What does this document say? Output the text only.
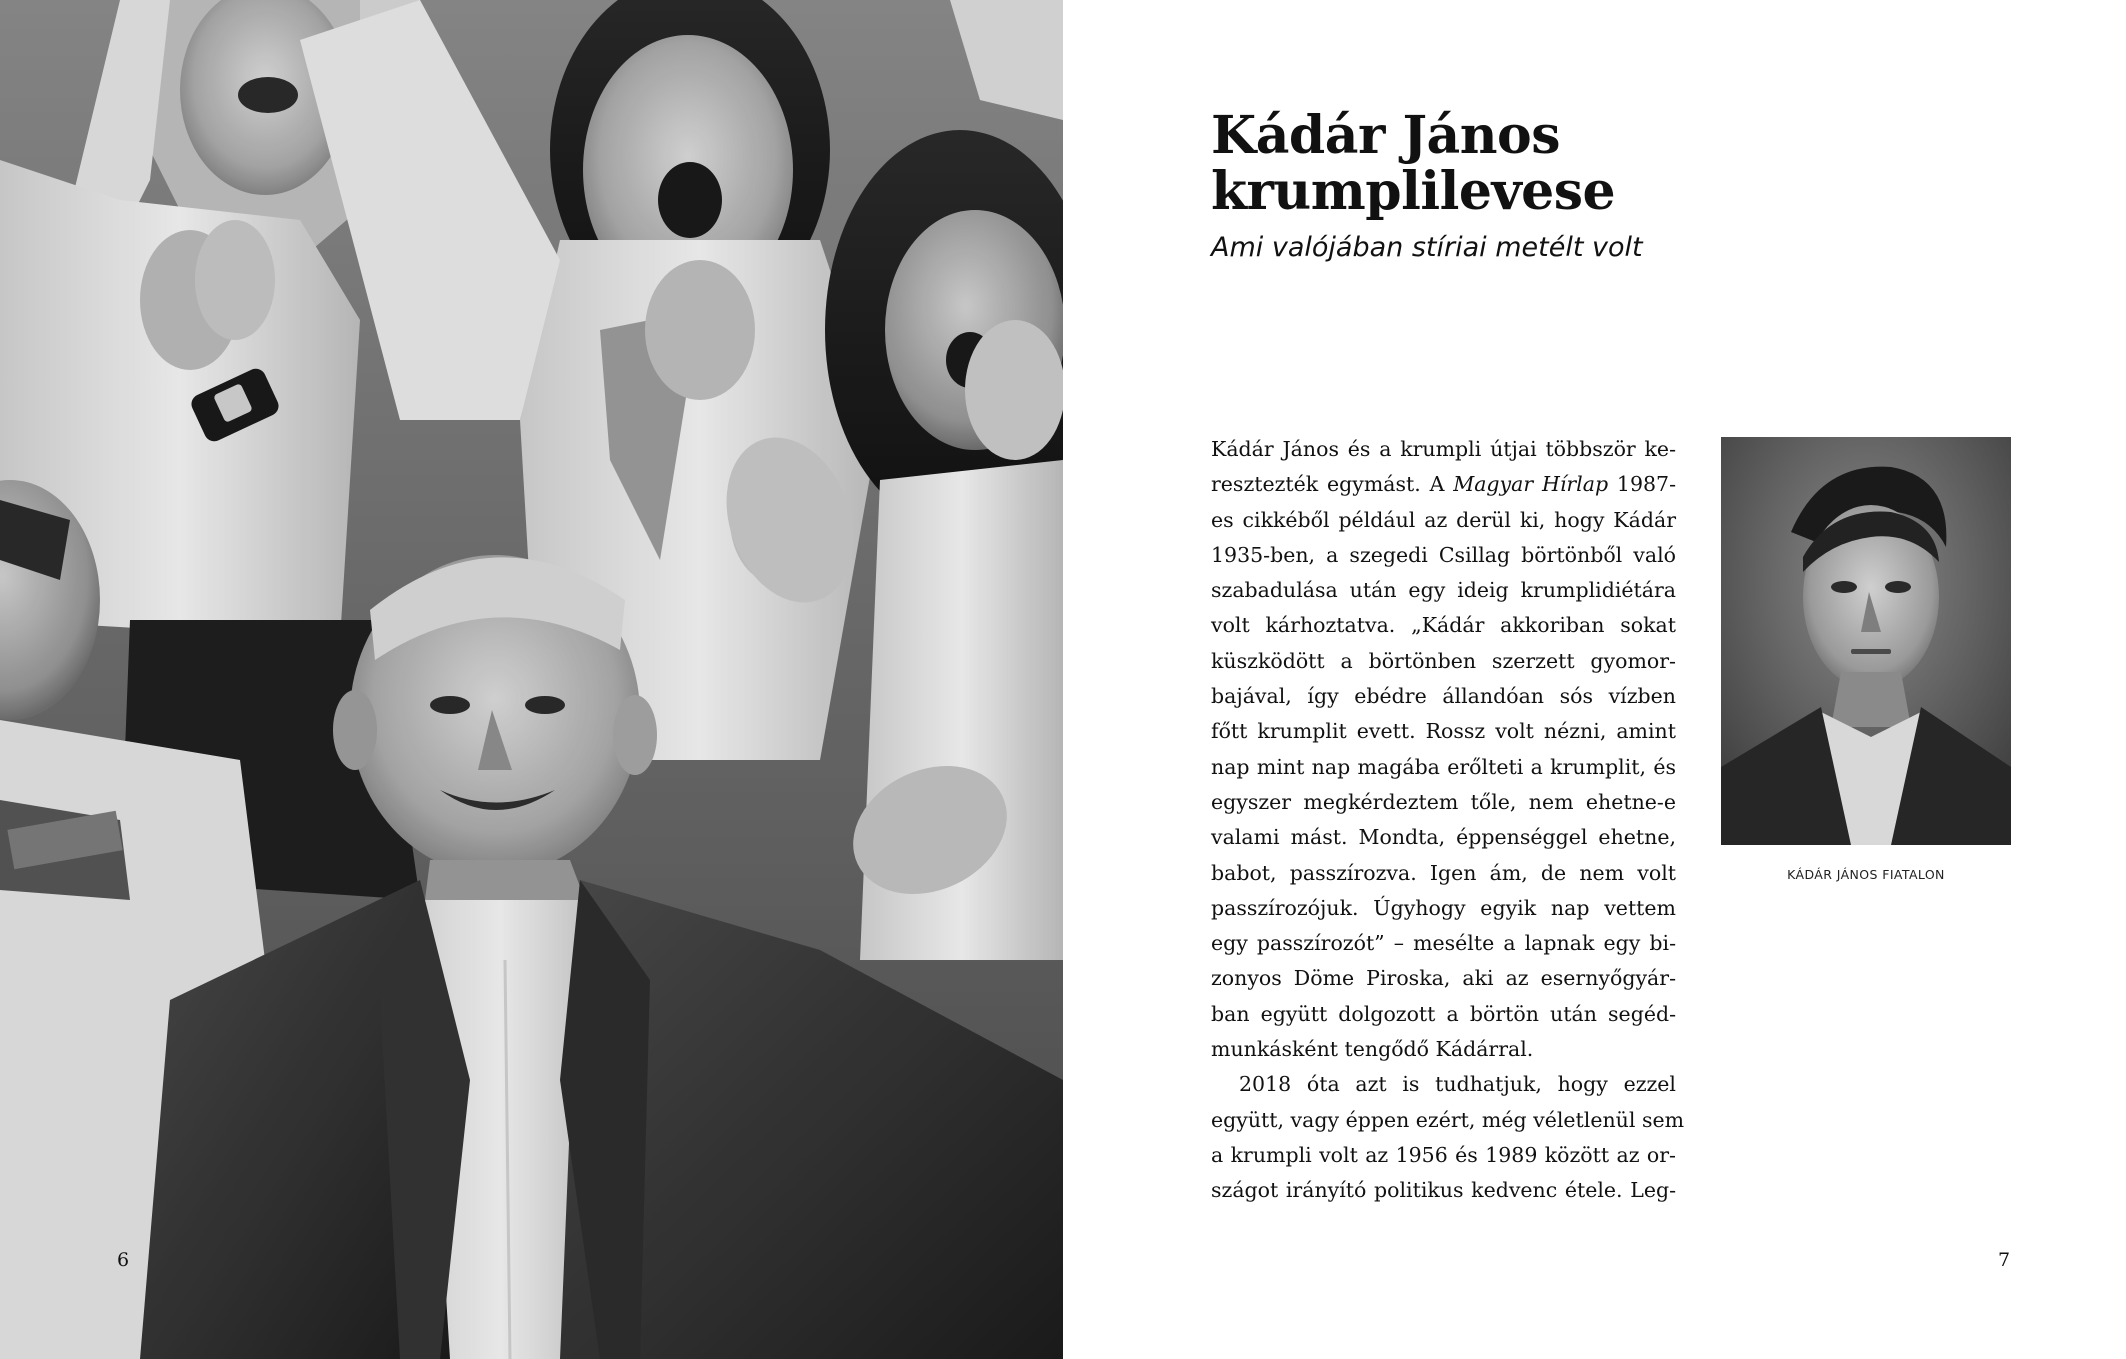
6
Kádár János
krumplilevese

Ami valójában stíriai metélt volt

Kádár János és a krumpli útjai többször ke-
resztezték egymást. A Magyar Hírlap 1987-
es cikkéből például az derül ki, hogy Kádár
1935-ben, a szegedi Csillag börtönből való
szabadulása után egy ideig krumplidiétára
volt kárhoztatva. „Kádár akkoriban sokat
küszködött a börtönben szerzett gyomor-
bajával, így ebédre állandóan sós vízben
főtt krumplit evett. Rossz volt nézni, amint
nap mint nap magába erőlteti a krumplit, és
egyszer megkérdeztem tőle, nem ehetne-e
valami mást. Mondta, éppenséggel ehetne,
babot, passzírozva. Igen ám, de nem volt
passzírozójuk. Úgyhogy egyik nap vettem
egy passzírozót” – mesélte a lapnak egy bi-
zonyos Döme Piroska, aki az esernyőgyár-
ban együtt dolgozott a börtön után segéd-
munkásként tengődő Kádárral.
2018 óta azt is tudhatjuk, hogy ezzel
együtt, vagy éppen ezért, még véletlenül sem
a krumpli volt az 1956 és 1989 között az or-
szágot irányító politikus kedvenc étele. Leg-
KÁDÁR JÁNOS FIATALON
7
